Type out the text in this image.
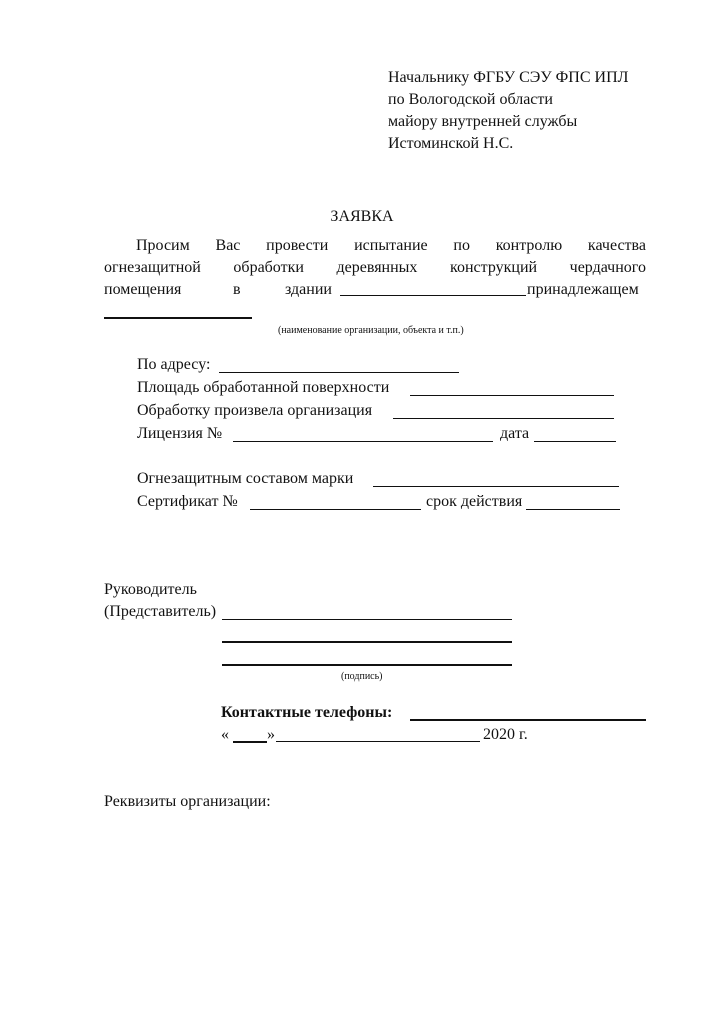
Начальнику ФГБУ СЭУ ФПС ИПЛ
по Вологодской области
майору внутренней службы
Истоминской Н.С.
ЗАЯВКА
Просим Вас провести испытание по контролю качества
огнезащитной обработки деревянных конструкций чердачного
помещения	в	здании	принадлежащем
(наименование организации, объекта и т.п.)
По адресу:
Площадь обработанной поверхности
Обработку произвела организация
Лицензия №	дата
Огнезащитным составом марки
Сертификат №	срок действия
Руководитель
(Представитель)
(подпись)
Контактные телефоны:
« »	2020 г.
Реквизиты организации:
